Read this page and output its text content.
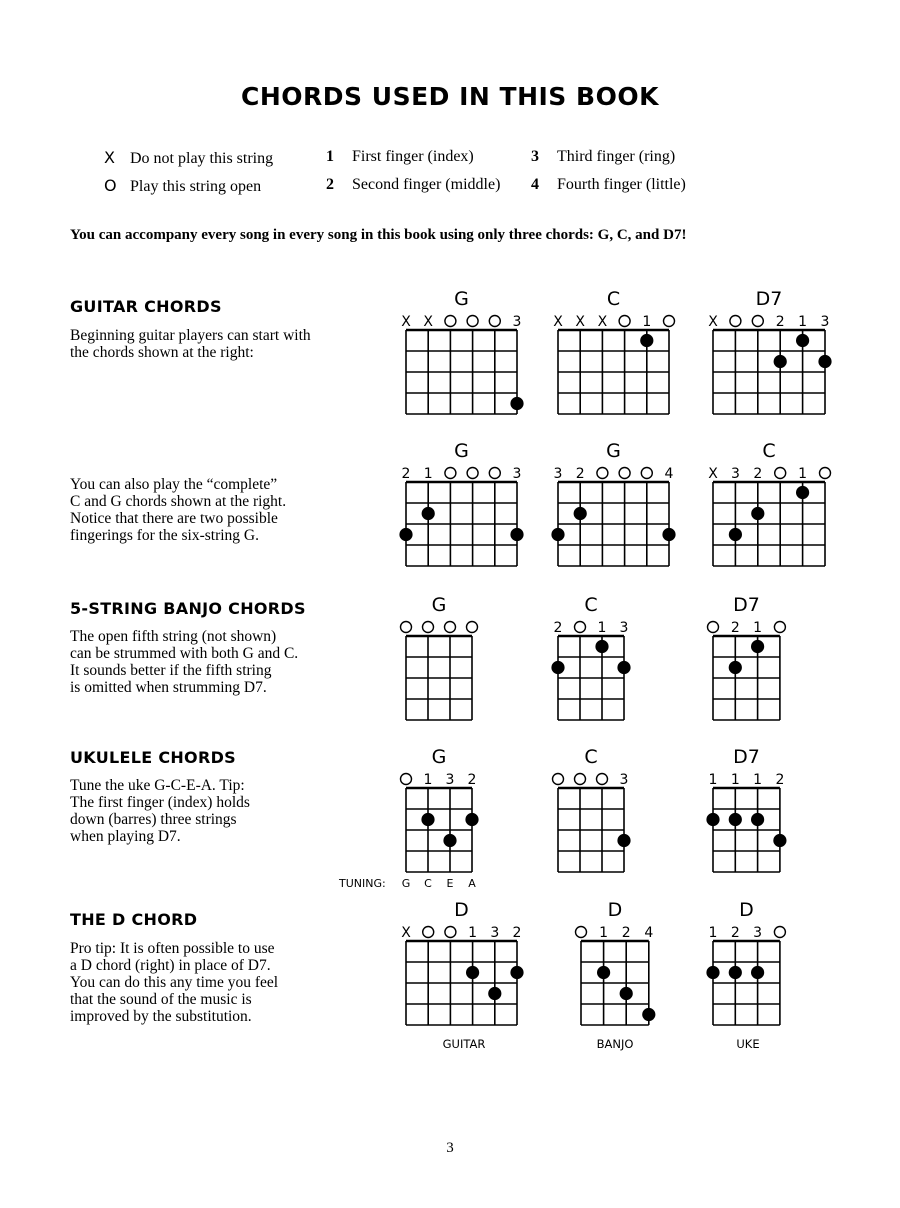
CHORDS USED IN THIS BOOK
X Do not play this string
O Play this string open
1 First finger (index)
2 Second finger (middle)
3 Third finger (ring)
4 Fourth finger (little)
You can accompany every song in every song in this book using only three chords: G, C, and D7!
GUITAR CHORDS
Beginning guitar players can start with
the chords shown at the right:
You can also play the “complete”
C and G chords shown at the right.
Notice that there are two possible
fingerings for the six-string G.
5-STRING BANJO CHORDS
The open fifth string (not shown)
can be strummed with both G and C.
It sounds better if the fifth string
is omitted when strumming D7.
UKULELE CHORDS
Tune the uke G-C-E-A. Tip:
The first finger (index) holds
down (barres) three strings
when playing D7.
THE D CHORD
Pro tip: It is often possible to use
a D chord (right) in place of D7.
You can do this any time you feel
that the sound of the music is
improved by the substitution.
G
X X	3
C
X X X	1
D7
X	2 1 3
G
2 1	3
G
3 2	4
C
X 3 2	1
G	C
2	1 3
D7
2 1
G
1 3 2
C
3
D7
1 1 1 2
D
X	1 3 2
D
1 2 4
D
1 2 3
TUNING: G C E A
GUITAR	BANJO	UKE
3
